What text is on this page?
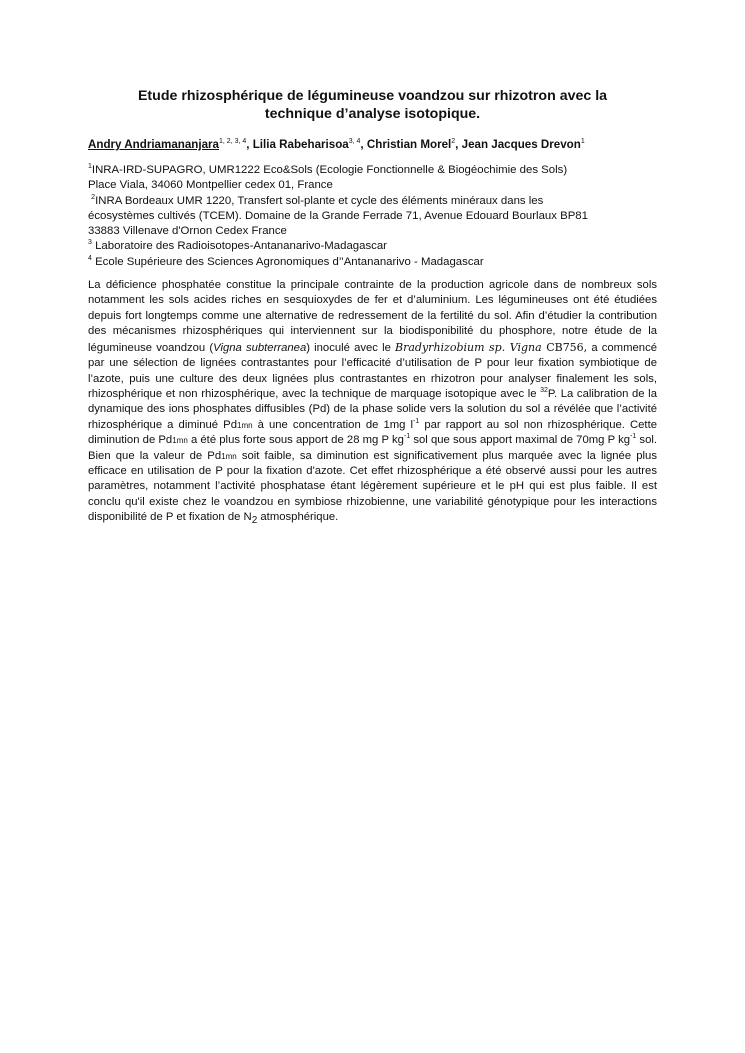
Etude rhizosphérique de légumineuse voandzou sur rhizotron avec la
technique d’analyse isotopique.
Andry Andriamananjara$^{1, 2, 3, 4}$, Lilia Rabeharisoa$^{3, 4}$, Christian Morel$^2$, Jean Jacques Drevon$^1$

$^1$INRA-IRD-SUPAGRO, UMR1222 Eco&Sols (Ecologie Fonctionnelle & Biogéochimie des Sols)

Place Viala, 34060 Montpellier cedex 01, France

$^2$INRA Bordeaux UMR 1220, Transfert sol-plante et cycle des éléments minéraux dans les

écosystèmes cultivés (TCEM). Domaine de la Grande Ferrade 71, Avenue Edouard Bourlaux BP81

33883 Villenave d'Ornon Cedex France

$^3$ Laboratoire des Radioisotopes-Antananarivo-Madagascar

$^4$ Ecole Supérieure des Sciences Agronomiques d’’Antananarivo - Madagascar

La déficience phosphatée constitue la principale contrainte de la production agricole dans de nombreux sols notamment les sols acides riches en sesquioxydes de fer et d’aluminium. Les légumineuses ont été étudiées depuis fort longtemps comme une alternative de redressement de la fertilité du sol. Afin d’étudier la contribution des mécanismes rhizosphériques qui interviennent sur la biodisponibilité du phosphore, notre étude de la légumineuse voandzou (Vigna subterranea) inoculé avec le Bradyrhizobium sp. Vigna CB756, a commencé par une sélection de lignées contrastantes pour l’efficacité d’utilisation de P pour leur fixation symbiotique de l’azote, puis une culture des deux lignées plus contrastantes en rhizotron pour analyser finalement les sols, rhizosphérique et non rhizosphérique, avec la technique de marquage isotopique avec le $^{32}$P. La calibration de la dynamique des ions phosphates diffusibles (Pd) de la phase solide vers la solution du sol a révélée que l’activité rhizosphérique a diminué Pd1mn à une concentration de 1mg $l^{-1}$ par rapport au sol non rhizosphérique. Cette diminution de Pd1mn a été plus forte sous apport de 28 mg P $kg^{-1}$ sol que sous apport maximal de 70mg P $kg^{-1}$ sol. Bien que la valeur de Pd1mn soit faible, sa diminution est significativement plus marquée avec la lignée plus efficace en utilisation de P pour la fixation d'azote. Cet effet rhizosphérique a été observé aussi pour les autres paramètres, notamment l’activité phosphatase étant légèrement supérieure et le pH qui est plus faible. Il est conclu qu'il existe chez le voandzou en symbiose rhizobienne, une variabilité génotypique pour les interactions disponibilité de P et fixation de N2 atmosphérique.
